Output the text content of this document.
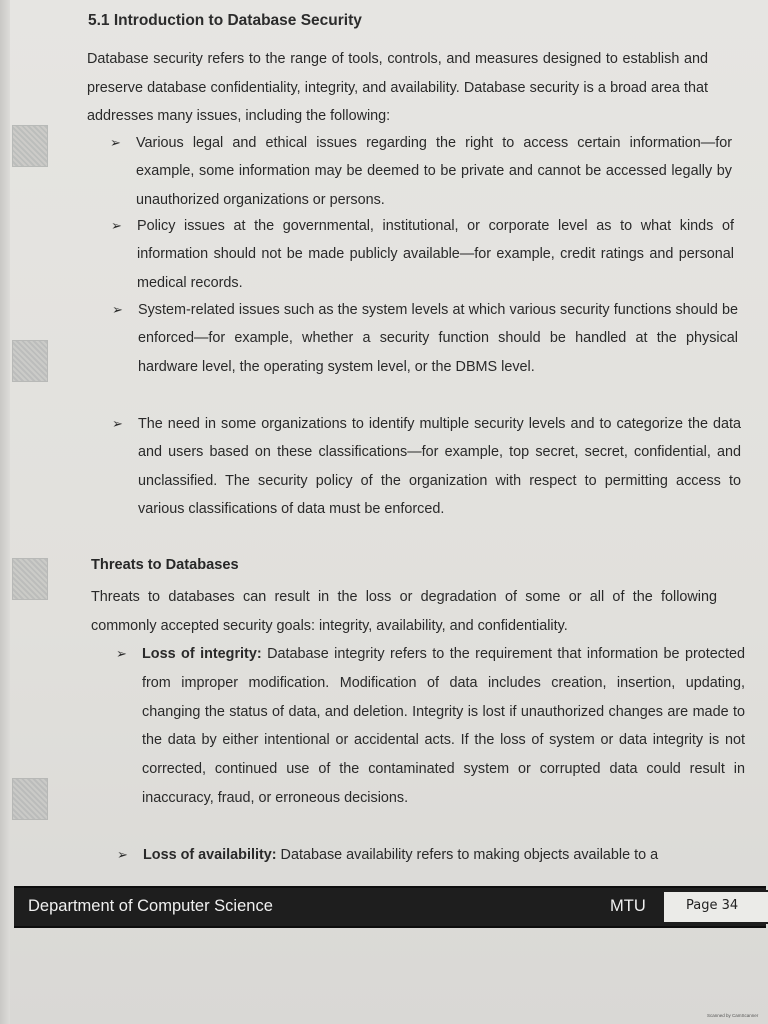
5.1 Introduction to Database Security

Database security refers to the range of tools, controls, and measures designed to establish and preserve database confidentiality, integrity, and availability. Database security is a broad area that addresses many issues, including the following:

➢ Various legal and ethical issues regarding the right to access certain information—for example, some information may be deemed to be private and cannot be accessed legally by unauthorized organizations or persons.

➢ Policy issues at the governmental, institutional, or corporate level as to what kinds of information should not be made publicly available—for example, credit ratings and personal medical records.

➢ System-related issues such as the system levels at which various security functions should be enforced—for example, whether a security function should be handled at the physical hardware level, the operating system level, or the DBMS level.

➢ The need in some organizations to identify multiple security levels and to categorize the data and users based on these classifications—for example, top secret, secret, confidential, and unclassified. The security policy of the organization with respect to permitting access to various classifications of data must be enforced.

Threats to Databases

Threats to databases can result in the loss or degradation of some or all of the following commonly accepted security goals: integrity, availability, and confidentiality.

➢ Loss of integrity: Database integrity refers to the requirement that information be protected from improper modification. Modification of data includes creation, insertion, updating, changing the status of data, and deletion. Integrity is lost if unauthorized changes are made to the data by either intentional or accidental acts. If the loss of system or data integrity is not corrected, continued use of the contaminated system or corrupted data could result in inaccuracy, fraud, or erroneous decisions.

➢ Loss of availability: Database availability refers to making objects available to a

Department of Computer Science	MTU	Page 34
Scanned by CamScanner
